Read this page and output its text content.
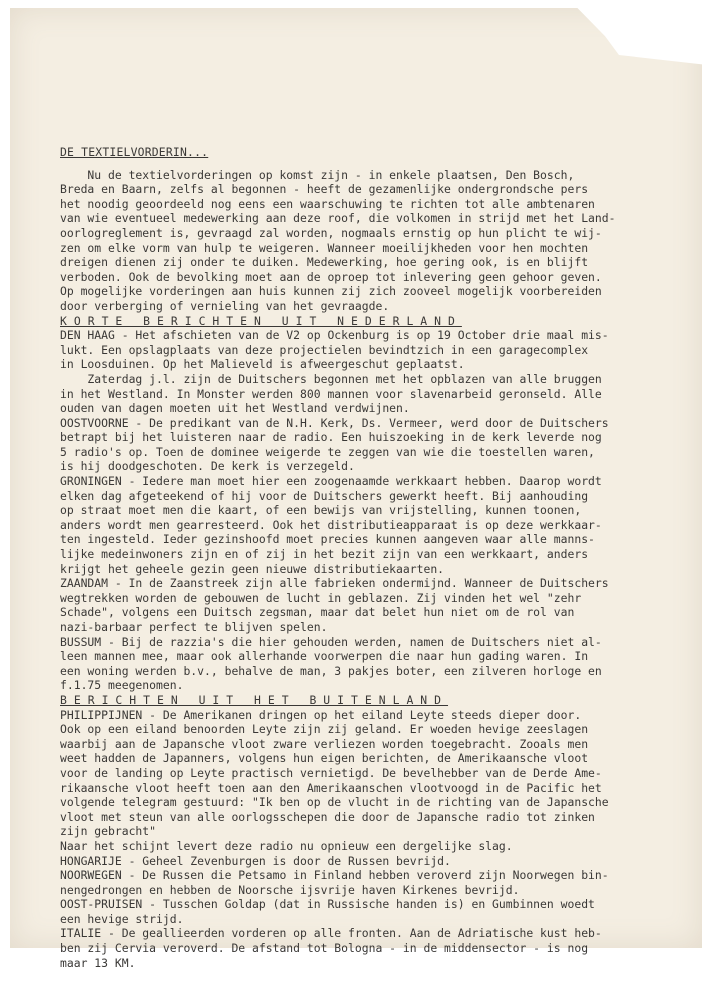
DE TEXTIELVORDERIN...
Nu de textielvorderingen op komst zijn - in enkele plaatsen, Den Bosch,
Breda en Baarn, zelfs al begonnen - heeft de gezamenlijke ondergrondsche pers
het noodig geoordeeld nog eens een waarschuwing te richten tot alle ambtenaren
van wie eventueel medewerking aan deze roof, die volkomen in strijd met het Land-
oorlogreglement is, gevraagd zal worden, nogmaals ernstig op hun plicht te wij-
zen om elke vorm van hulp te weigeren. Wanneer moeilijkheden voor hen mochten
dreigen dienen zij onder te duiken. Medewerking, hoe gering ook, is en blijft
verboden. Ook de bevolking moet aan de oproep tot inlevering geen gehoor geven.
Op mogelijke vorderingen aan huis kunnen zij zich zooveel mogelijk voorbereiden
door verberging of vernieling van het gevraagde.
KORTE BERICHTEN UIT NEDERLAND
DEN HAAG - Het afschieten van de V2 op Ockenburg is op 19 October drie maal mis-
lukt. Een opslagplaats van deze projectielen bevindtzich in een garagecomplex
in Loosduinen. Op het Malieveld is afweergeschut geplaatst.
Zaterdag j.l. zijn de Duitschers begonnen met het opblazen van alle bruggen
in het Westland. In Monster werden 800 mannen voor slavenarbeid geronseld. Alle
ouden van dagen moeten uit het Westland verdwijnen.
OOSTVOORNE - De predikant van de N.H. Kerk, Ds. Vermeer, werd door de Duitschers
betrapt bij het luisteren naar de radio. Een huiszoeking in de kerk leverde nog
5 radio's op. Toen de dominee weigerde te zeggen van wie die toestellen waren,
is hij doodgeschoten. De kerk is verzegeld.
GRONINGEN - Iedere man moet hier een zoogenaamde werkkaart hebben. Daarop wordt
elken dag afgeteekend of hij voor de Duitschers gewerkt heeft. Bij aanhouding
op straat moet men die kaart, of een bewijs van vrijstelling, kunnen toonen,
anders wordt men gearresteerd. Ook het distributieapparaat is op deze werkkaar-
ten ingesteld. Ieder gezinshoofd moet precies kunnen aangeven waar alle manns-
lijke medeinwoners zijn en of zij in het bezit zijn van een werkkaart, anders
krijgt het geheele gezin geen nieuwe distributiekaarten.
ZAANDAM - In de Zaanstreek zijn alle fabrieken ondermijnd. Wanneer de Duitschers
wegtrekken worden de gebouwen de lucht in geblazen. Zij vinden het wel "zehr
Schade", volgens een Duitsch zegsman, maar dat belet hun niet om de rol van
nazi-barbaar perfect te blijven spelen.
BUSSUM - Bij de razzia's die hier gehouden werden, namen de Duitschers niet al-
leen mannen mee, maar ook allerhande voorwerpen die naar hun gading waren. In
een woning werden b.v., behalve de man, 3 pakjes boter, een zilveren horloge en
f.1.75 meegenomen.
BERICHTEN UIT HET BUITENLAND
PHILIPPIJNEN - De Amerikanen dringen op het eiland Leyte steeds dieper door.
Ook op een eiland benoorden Leyte zijn zij geland. Er woeden hevige zeeslagen
waarbij aan de Japansche vloot zware verliezen worden toegebracht. Zooals men
weet hadden de Japanners, volgens hun eigen berichten, de Amerikaansche vloot
voor de landing op Leyte practisch vernietigd. De bevelhebber van de Derde Ame-
rikaansche vloot heeft toen aan den Amerikaanschen vlootvoogd in de Pacific het
volgende telegram gestuurd: "Ik ben op de vlucht in de richting van de Japansche
vloot met steun van alle oorlogsschepen die door de Japansche radio tot zinken
zijn gebracht"
Naar het schijnt levert deze radio nu opnieuw een dergelijke slag.
HONGARIJE - Geheel Zevenburgen is door de Russen bevrijd.
NOORWEGEN - De Russen die Petsamo in Finland hebben veroverd zijn Noorwegen bin-
nengedrongen en hebben de Noorsche ijsvrije haven Kirkenes bevrijd.
OOST-PRUISEN - Tusschen Goldap (dat in Russische handen is) en Gumbinnen woedt
een hevige strijd.
ITALIE - De geallieerden vorderen op alle fronten. Aan de Adriatische kust heb-
ben zij Cervia veroverd. De afstand tot Bologna - in de middensector - is nog
maar 13 KM.
